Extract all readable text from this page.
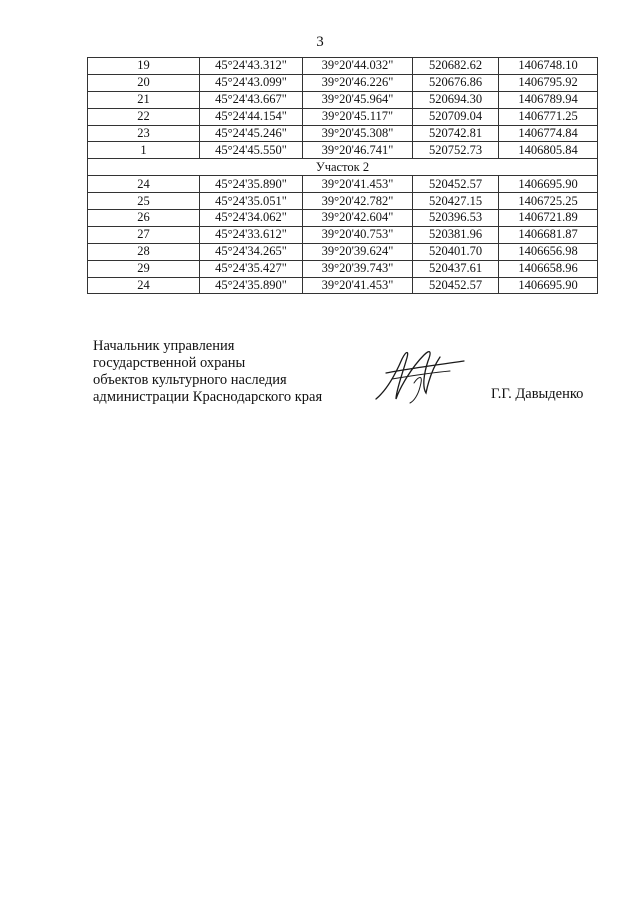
3
19	45°24'43.312"	39°20'44.032"	520682.62	1406748.10
20	45°24'43.099"	39°20'46.226"	520676.86	1406795.92
21	45°24'43.667"	39°20'45.964"	520694.30	1406789.94
22	45°24'44.154"	39°20'45.117"	520709.04	1406771.25
23	45°24'45.246"	39°20'45.308"	520742.81	1406774.84
1	45°24'45.550"	39°20'46.741"	520752.73	1406805.84
Участок 2				
24	45°24'35.890"	39°20'41.453"	520452.57	1406695.90
25	45°24'35.051"	39°20'42.782"	520427.15	1406725.25
26	45°24'34.062"	39°20'42.604"	520396.53	1406721.89
27	45°24'33.612"	39°20'40.753"	520381.96	1406681.87
28	45°24'34.265"	39°20'39.624"	520401.70	1406656.98
29	45°24'35.427"	39°20'39.743"	520437.61	1406658.96
24	45°24'35.890"	39°20'41.453"	520452.57	1406695.90
Начальник управления
государственной охраны
объектов культурного наследия
администрации Краснодарского края	Г.Г. Давыденко
